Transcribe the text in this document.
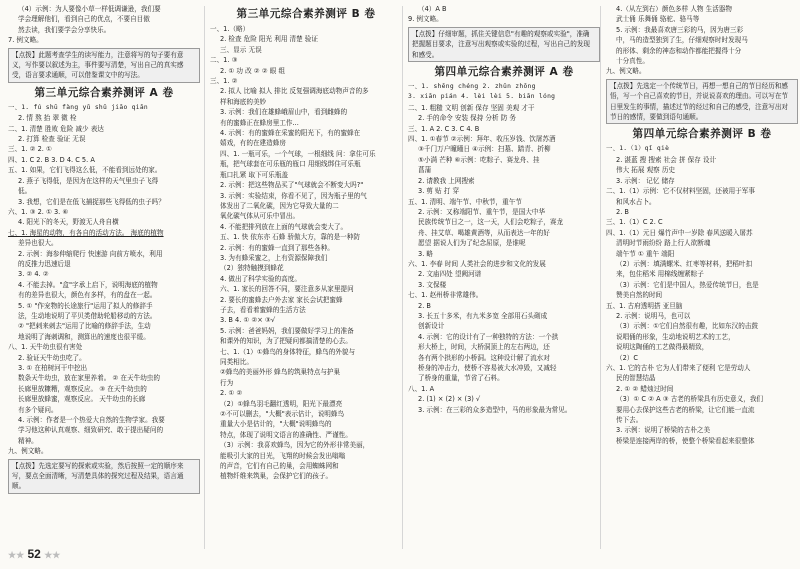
（4）示例：为人要像小草一样低调谦逊，我们要
学会理解他们，看到自己的优点，不要自目傲
然去读，我们要学会分享快乐。
7. 例文略。
【点拨】此题考查学生的读写能力，注意将写的句子要有意义，写作要以叙述为主，事件要写清楚，写出自己的真实感受，语言要求通顺，可以借鉴课文中的写法。
第三单元综合素养测评 A 卷
一、1. fú shū fàng yǔ shǔ jiāo qiān
2. 情 熬 抬 翠 微 栓
二、1. 清楚 胜败 危险 减少 表达
2. 打算 检查 验证 无误
三、1. ② 2. ①
四、1. C 2. B 3. D 4. C 5. A
五、1. 如果，它们飞得这么低，不能看到远处的家。
2. 燕子飞得低，是因为在这样的天气里虫子飞得
低。
3. 我想，它们是在低飞捕捉那些飞得低的虫子吗？
六、1. ③ 2. ① 3. ⑥
4. 阳光下的冬天，野渡无人舟自横
七、1. 海星的动物，有各自的活动方法。 海底的植物
差异也很大。
2. 示例：海参伸缩爬行 快速游 向前方喷水，利用
的反推力迅速后退
3. ② 4. ②
4. 不能去掉。"盒"字承上启下，说明海底的植物
有的差异也很大，颜色有多样，有的盘在一起。
5. ① "作宠物的长途旅行"运用了拟人的修辞手
法，生动地说明了平贝类借助轮船移动的方法。
② "把刺来刺去"运用了比喻的修辞手法，生动
地说明了海刺调和，测算出的速度也很平缓。
八、1. 天牛幼虫很有害处
2. 验证天牛幼虫吃了。
3. ① 在柏树河干中挖出
数条天牛幼虫，放在家里养着。 ② 在天牛幼虫的
长廊里放糠糟，观察反应。 ③ 在天牛幼虫的
长廊里放蜂蜜，观察反应。 天牛幼虫的长廊
有多个疑问。
4. 示例：作者是一个热爱大自然的生物学家。我要
学习他这种认真观察、细致研究、敢于提出疑问的
精神。
九、例文略。
【点拨】先选定要写的探索或实验，然后按照一定的顺序来写，要点全面清晰，写清楚具体的探究过程及结果，语言通顺。
第三单元综合素养测评 B 卷
一、1.（略）
2. 检查 危险 阳光 利用 清楚 验证
三、显示 无误
二、1. ③
2. ① 功 改 ② ② 眼 组
三、1. ②
2. 拟人 比喻 拟人 排比 反复强调海底动物声音的多
样和海底的美妙
3. 示例：我们在雄蜂峨眉山中，看到雌蜂的
有的蜜蜂正在蜂房里工作...
4. 示例：有的蜜蜂在采蜜的阳光下，有的蜜蜂在
嬉戏，有的在建造蜂房
四、1. 一瓶可乐，一个气球，一根细线 问：拿住可乐
瓶，把气球套在可乐瓶的瓶口 用细线绑住可乐瓶
瓶口扎紧 取下可乐瓶盖
2. 示例：把这些物品买了"气球就会不断变大吗?"
3. 示例：实验结束，你看不见了，因为瓶子里的气
体发出了二氧化碳，因为它导致大量的二
氧化碳气体从可乐中冒出。
4. 不能把排列放在上面的气球就会变大了。
五、1. 快 依东亦 石蜂 骄傲大方，靠的是一种防
2. 示例：有的蜜蜂一直到了那些各种。
3. 为有蜂采蜜之，上有资源保障我们
（2）独特触摸到蜂花
4. 做出了科学实验的高度。
六、1. 家长的回答不同，要注意多从家里提问
2. 要长的蜜蜂去户外去家 家长会试把蜜蜂
子去，看看着蜜蜂的生活方法
3. B 4. ① ②× ③√
5. 示例：爸爸妈妈，我们要做好学习上的准备
和课外的知识，为了把疑问都搞清楚的心去。
七、1.（1）①蜂鸟的身体特征，蜂鸟的外貌与
同类相比。
②蜂鸟的美丽外形 蜂鸟的筑巢特点与护巢
行为
2. ① ②
（2）①蜂鸟羽毛翻红透明，阳光下最漂亮
②不可以删去，"大概"表示估计，说明蜂鸟
重量大小是估计的，"大概"说明蜂鸟的
特点，体现了说明文语言的准确性、严谨性。
（3）示例：我喜欢蜂鸟，因为它的外形非常美丽，
能吸引大家的目光，飞翔的时候会发出嗡嗡
的声音，它们有自己的巢，会用蜘蛛网和
植物纤维来筑巢，会保护它们的孩子。
（4）A B
9. 例文略。
【点拨】仔细审题，抓住关键信息"有趣的观察或实验"，准确把握题目要求，注意写出观察或实验的过程，写出自己的发现和感受。
第四单元综合素养测评 A 卷
一、1. shēng chéng 2. zhǔn zhōng
3. xiān pián 4. lèi lèi 5. biān lóng
二、1. 粗糙 文明 创新 保存 坚固 美观 才干
2. 手的命令 安装 保持 分析 防 务
三、1. A 2. C 3. C 4. B
四、1. ①春节 ②示例：拜年、收压岁钱、饮屠苏酒
③千门万户曈曈日 ④示例：扫墓、踏青、折柳
⑤小满 芒种 ⑥示例：吃粽子、赛龙舟、挂
菖蒲
2. 请教我 上网搜索
3. 剪 贴 打 穿
五、1. 清明、端午节、中秋节，重午节
2. 示例：又称端阳节、重午节，是国大中华
民族传统节日之一，这一天，人们会吃粽子，赛龙
舟、挂艾草、喝雄黄酒等，从而表达一年的好
愿望 据说人们为了纪念屈原，是谁呢
3. 略
六、1. 李春 时间 人类社会的进步和文化的发展
2. 文庙四处 望阙河谱
3. 文保楼
七、1. 赵州桥非常雄伟。
2. B
3. 长五十多米，有九米多宽 全部用石头砌成
创新设计
4. 示例：它的设计有了一种独特的方法：一个拱
形大桥上，时间，大桥洞顶上的左右两边，还
各有两个拱形的小桥洞。这种设计解了流水对
桥身的冲击力，使桥不容易被大水冲毁，又减轻
了桥身的重量，节省了石料。
八、1. A
2. (1) × (2) × (3) √
3. 示例：在三彩的众多造型中，马的形象最为常见。
4.（从左到右）颜色多样 人物 生活器物
武士俑 乐舞俑 骆驼、骆马等
5. 示例：我最喜欢唐三彩的马，因为唐三彩
中，马的造型独到了生，仔细观察时时发现马
的形体、剩余的神态和动作都能把握得十分
十分真性。
九、例文略。
【点拨】先选定一个传统节日，再想一想自己的节日经历和感悟，写一个自己喜欢的节日，并说说喜欢的理由。可以写在节日里发生的事情，描述过节的经过和自己的感受，注意写出对节日的感情，要做到语句通顺。
第四单元综合素养测评 B 卷
一、1.（1）qǐ qiè
2. 湛蓝 搜 搜索 社会 拼 保存 设计
伟大 拓展 观察 历史
3. 示例： 记忆 储存
二、1.（1）示例：它不仅材料坚固，还被用于军事
和风水占卜。
2. B
三、1.（1）C 2. C
四、1.（1）元日 爆竹声中一岁除 春风送暖入屠苏
清明时节雨纷纷 路上行人欲断魂
端午节 ① 重午 端阳
（2）示例：填满螺米、红枣等材料，把稻叶扣
来，包住稻米 用棉线缠紧粽子
（3）示例：它们是中国人，热爱传统节日，也是
赞美自然的时间
五、1. 古府透明搭 亚旦脑
2. 示例：说明马，也可以
（3）示例：①它们自然很有趣，比如东汉的击鼓
说唱俑的形象，生动地说明艺术的工艺，
说明这陶俑的工艺做得最精致，
（2）C
六、1. 它的古朴 它为人们带来了便利 它是劳动人
民的智慧结晶
2. ① ② 蜡烛过时间
（3）① C ② A ③ 古老的桥梁具有历史意义，我们
要用心去保护这些古老的桥梁，让它们能一直流
传下去。
3. 示例：说明了桥梁的古朴之美
桥梁是连接两岸的桥，使整个桥梁看起来很整体
★★ 52 ★★
